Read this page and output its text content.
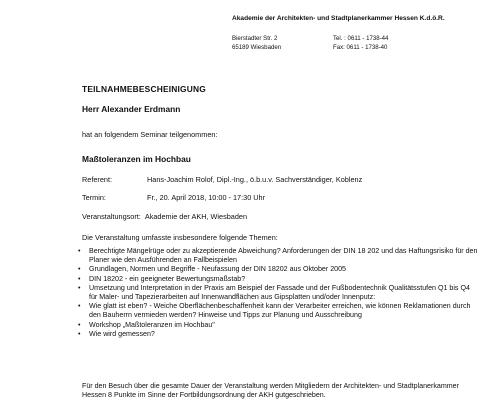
Akademie der Architekten- und Stadtplanerkammer Hessen K.d.ö.R.
Bierstadter Str. 2
65189 Wiesbaden
Tel. : 0611 - 1738-44
Fax: 0611 - 1738-40
TEILNAHMEBESCHEINIGUNG
Herr Alexander Erdmann
hat an folgendem Seminar teilgenommen:
Maßtoleranzen im Hochbau
Referent:	Hans-Joachim Rolof, Dipl.-Ing., ö.b.u.v. Sachverständiger, Koblenz
Termin:	Fr., 20. April 2018, 10:00 - 17:30 Uhr
Veranstaltungsort: Akademie der AKH, Wiesbaden
Die Veranstaltung umfasste insbesondere folgende Themen:
• Berechtigte Mängelrüge oder zu akzeptierende Abweichung? Anforderungen der DIN 18 202 und das Haftungsrisiko für den Planer wie den Ausführenden an Fallbeispielen
• Grundlagen, Normen und Begriffe - Neufassung der DIN 18202 aus Oktober 2005
• DIN 18202 - ein geeigneter Bewertungsmaßstab?
• Umsetzung und Interpretation in der Praxis am Beispiel der Fassade und der Fußbodentechnik Qualitätsstufen Q1 bis Q4 für Maler- und Tapezierarbeiten auf Innenwandflächen aus Gipsplatten und/oder Innenputz:
• Wie glatt ist eben? - Weiche Oberflächenbeschaffenheit kann der Verarbeiter erreichen, wie können Reklamationen durch den Bauherrn vermieden werden? Hinweise und Tipps zur Planung und Ausschreibung
• Workshop „Maßtoleranzen im Hochbau"
• Wie wird gemessen?
Für den Besuch über die gesamte Dauer der Veranstaltung werden Mitgliedern der Architekten- und Stadtplanerkammer Hessen 8 Punkte im Sinne der Fortbildungsordnung der AKH gutgeschrieben.
